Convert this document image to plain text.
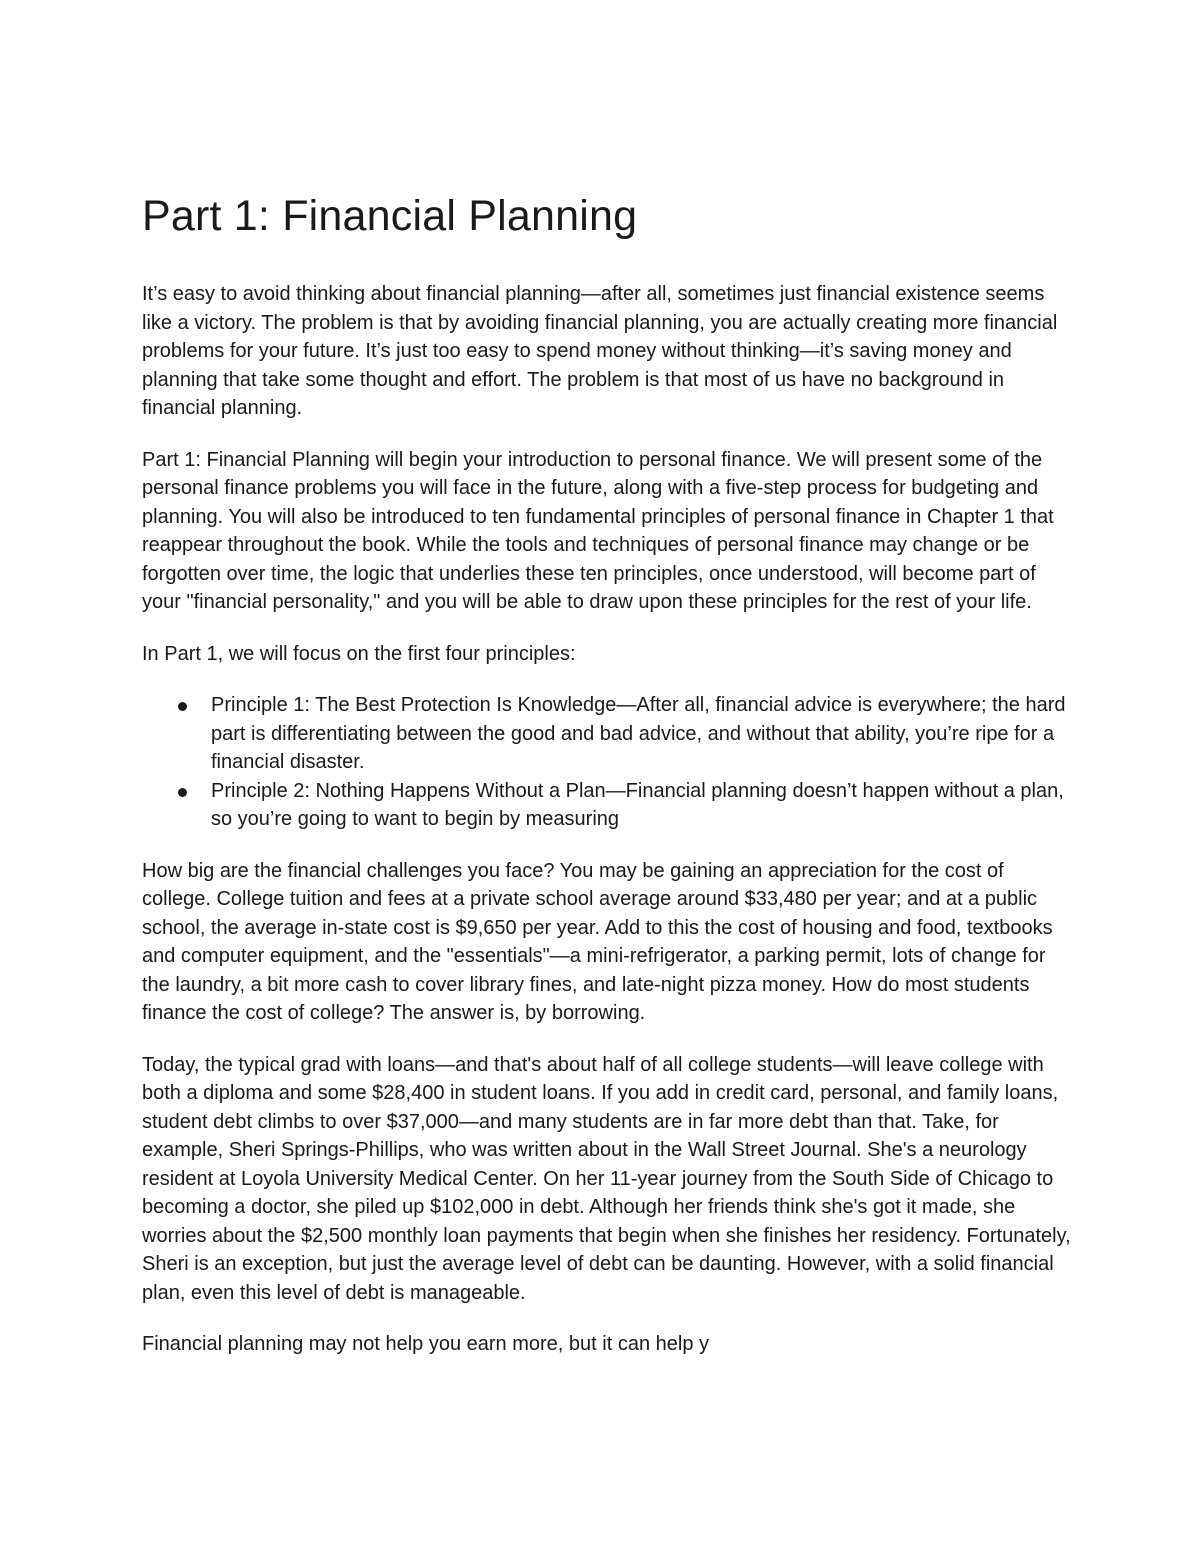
Part 1: Financial Planning

It’s easy to avoid thinking about financial planning—after all, sometimes just financial existence seems like a victory. The problem is that by avoiding financial planning, you are actually creating more financial problems for your future. It’s just too easy to spend money without thinking—it’s saving money and planning that take some thought and effort. The problem is that most of us have no background in financial planning.

Part 1: Financial Planning will begin your introduction to personal finance. We will present some of the personal finance problems you will face in the future, along with a five-step process for budgeting and planning. You will also be introduced to ten fundamental principles of personal finance in Chapter 1 that reappear throughout the book. While the tools and techniques of personal finance may change or be forgotten over time, the logic that underlies these ten principles, once understood, will become part of your "financial personality," and you will be able to draw upon these principles for the rest of your life.

In Part 1, we will focus on the first four principles:

Principle 1: The Best Protection Is Knowledge—After all, financial advice is everywhere; the hard part is differentiating between the good and bad advice, and without that ability, you’re ripe for a financial disaster.
Principle 2: Nothing Happens Without a Plan—Financial planning doesn’t happen without a plan, so you’re going to want to begin by measuring

How big are the financial challenges you face? You may be gaining an appreciation for the cost of college. College tuition and fees at a private school average around $33,480 per year; and at a public school, the average in-state cost is $9,650 per year. Add to this the cost of housing and food, textbooks and computer equipment, and the "essentials"—a mini-refrigerator, a parking permit, lots of change for the laundry, a bit more cash to cover library fines, and late-night pizza money. How do most students finance the cost of college? The answer is, by borrowing.

Today, the typical grad with loans—and that's about half of all college students—will leave college with both a diploma and some $28,400 in student loans. If you add in credit card, personal, and family loans, student debt climbs to over $37,000—and many students are in far more debt than that. Take, for example, Sheri Springs-Phillips, who was written about in the Wall Street Journal. She's a neurology resident at Loyola University Medical Center. On her 11-year journey from the South Side of Chicago to becoming a doctor, she piled up $102,000 in debt. Although her friends think she's got it made, she worries about the $2,500 monthly loan payments that begin when she finishes her residency. Fortunately, Sheri is an exception, but just the average level of debt can be daunting. However, with a solid financial plan, even this level of debt is manageable.

Financial planning may not help you earn more, but it can help y
